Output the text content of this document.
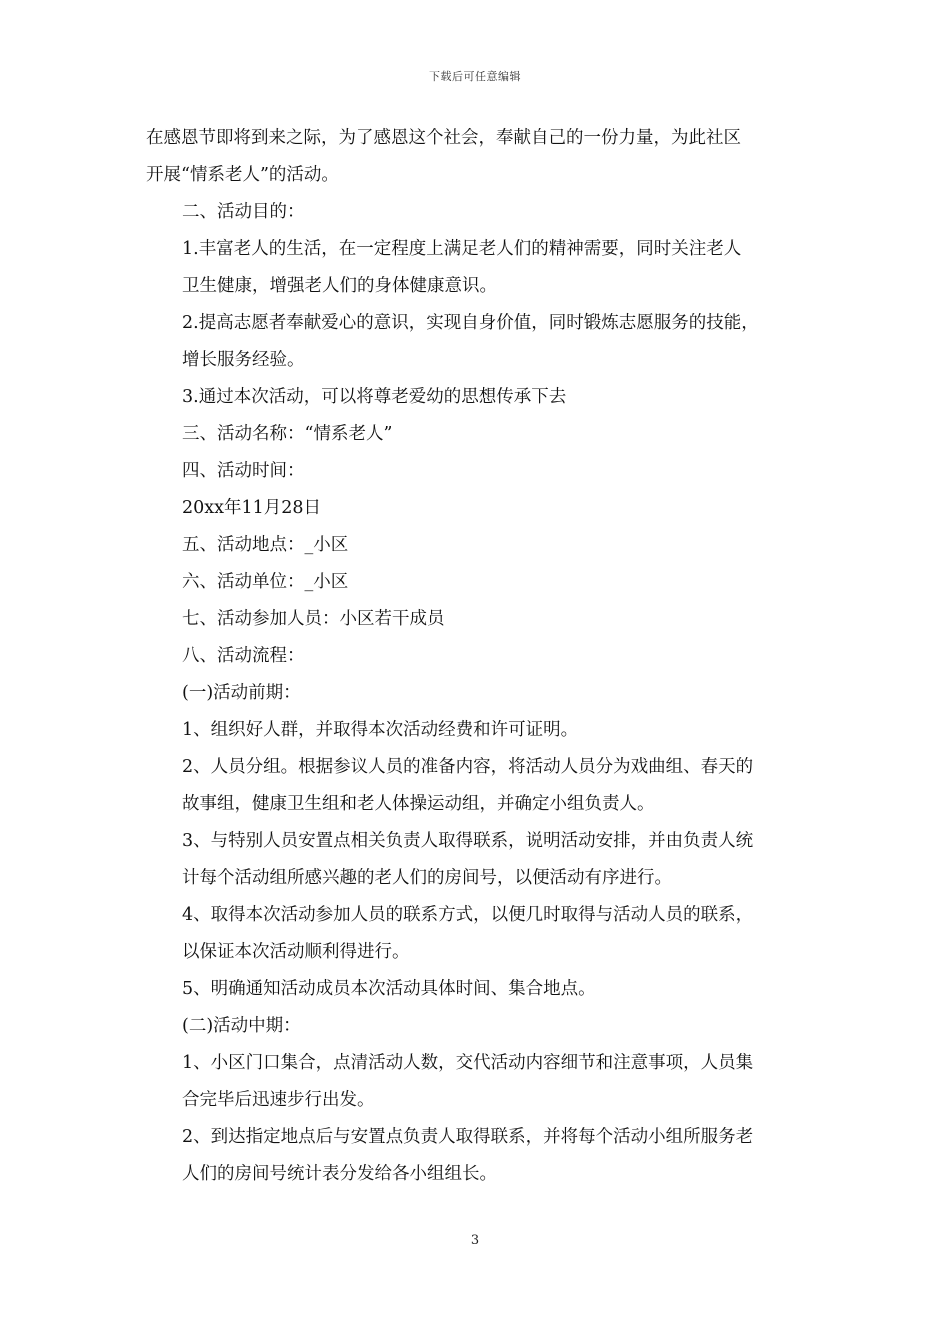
下载后可任意编辑
在感恩节即将到来之际，为了感恩这个社会，奉献自己的一份力量，为此社区
开展“情系老人”的活动。
二、活动目的：
1.丰富老人的生活，在一定程度上满足老人们的精神需要，同时关注老人
卫生健康，增强老人们的身体健康意识。
2.提高志愿者奉献爱心的意识，实现自身价值，同时锻炼志愿服务的技能，
增长服务经验。
3.通过本次活动，可以将尊老爱幼的思想传承下去
三、活动名称：“情系老人”
四、活动时间：
20xx年11月28日
五、活动地点：_小区
六、活动单位：_小区
七、活动参加人员：小区若干成员
八、活动流程：
(一)活动前期：
1、组织好人群，并取得本次活动经费和许可证明。
2、人员分组。根据参议人员的准备内容，将活动人员分为戏曲组、春天的
故事组，健康卫生组和老人体操运动组，并确定小组负责人。
3、与特别人员安置点相关负责人取得联系，说明活动安排，并由负责人统
计每个活动组所感兴趣的老人们的房间号，以便活动有序进行。
4、取得本次活动参加人员的联系方式，以便几时取得与活动人员的联系，
以保证本次活动顺利得进行。
5、明确通知活动成员本次活动具体时间、集合地点。
(二)活动中期：
1、小区门口集合，点清活动人数，交代活动内容细节和注意事项，人员集
合完毕后迅速步行出发。
2、到达指定地点后与安置点负责人取得联系，并将每个活动小组所服务老
人们的房间号统计表分发给各小组组长。
3
